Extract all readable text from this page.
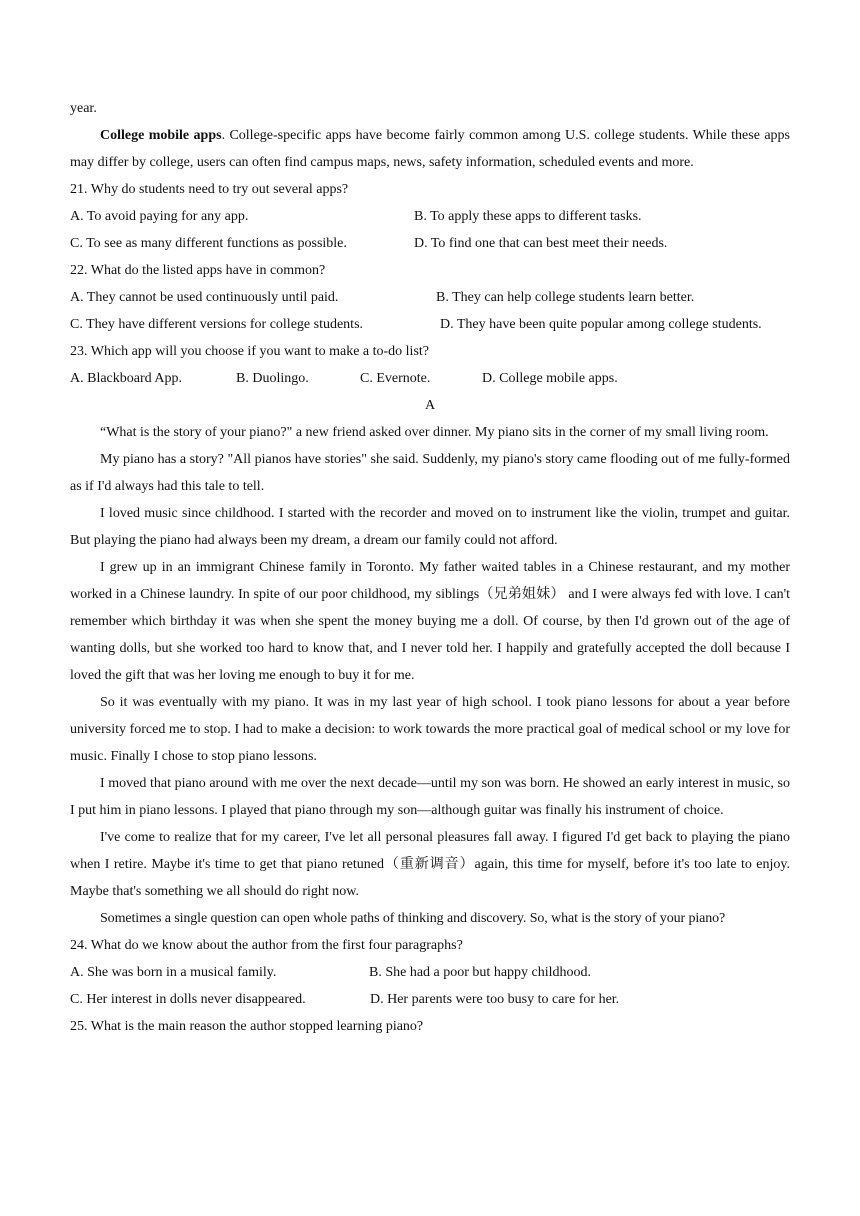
year.

College mobile apps. College-specific apps have become fairly common among U.S. college students. While these apps may differ by college, users can often find campus maps, news, safety information, scheduled events and more.

21. Why do students need to try out several apps?

A. To avoid paying for any app.	B. To apply these apps to different tasks.
C. To see as many different functions as possible.	D. To find one that can best meet their needs.

22. What do the listed apps have in common?

A. They cannot be used continuously until paid.	B. They can help college students learn better.
C. They have different versions for college students.	D. They have been quite popular among college students.

23. Which app will you choose if you want to make a to-do list?

A. Blackboard App.	B. Duolingo.	C. Evernote.	D. College mobile apps.

A

“What is the story of your piano?" a new friend asked over dinner. My piano sits in the corner of my small living room.

My piano has a story? "All pianos have stories" she said. Suddenly, my piano's story came flooding out of me fully-formed as if I'd always had this tale to tell.

I loved music since childhood. I started with the recorder and moved on to instrument like the violin, trumpet and guitar. But playing the piano had always been my dream, a dream our family could not afford.

I grew up in an immigrant Chinese family in Toronto. My father waited tables in a Chinese restaurant, and my mother worked in a Chinese laundry. In spite of our poor childhood, my siblings（兄弟姐妹） and I were always fed with love. I can't remember which birthday it was when she spent the money buying me a doll. Of course, by then I'd grown out of the age of wanting dolls, but she worked too hard to know that, and I never told her. I happily and gratefully accepted the doll because I loved the gift that was her loving me enough to buy it for me.

So it was eventually with my piano. It was in my last year of high school. I took piano lessons for about a year before university forced me to stop. I had to make a decision: to work towards the more practical goal of medical school or my love for music. Finally I chose to stop piano lessons.

I moved that piano around with me over the next decade—until my son was born. He showed an early interest in music, so I put him in piano lessons. I played that piano through my son—although guitar was finally his instrument of choice.

I've come to realize that for my career, I've let all personal pleasures fall away. I figured I'd get back to playing the piano when I retire. Maybe it's time to get that piano retuned（重新调音）again, this time for myself, before it's too late to enjoy. Maybe that's something we all should do right now.

Sometimes a single question can open whole paths of thinking and discovery. So, what is the story of your piano?

24. What do we know about the author from the first four paragraphs?

A. She was born in a musical family.	B. She had a poor but happy childhood.
C. Her interest in dolls never disappeared.	D. Her parents were too busy to care for her.

25. What is the main reason the author stopped learning piano?
